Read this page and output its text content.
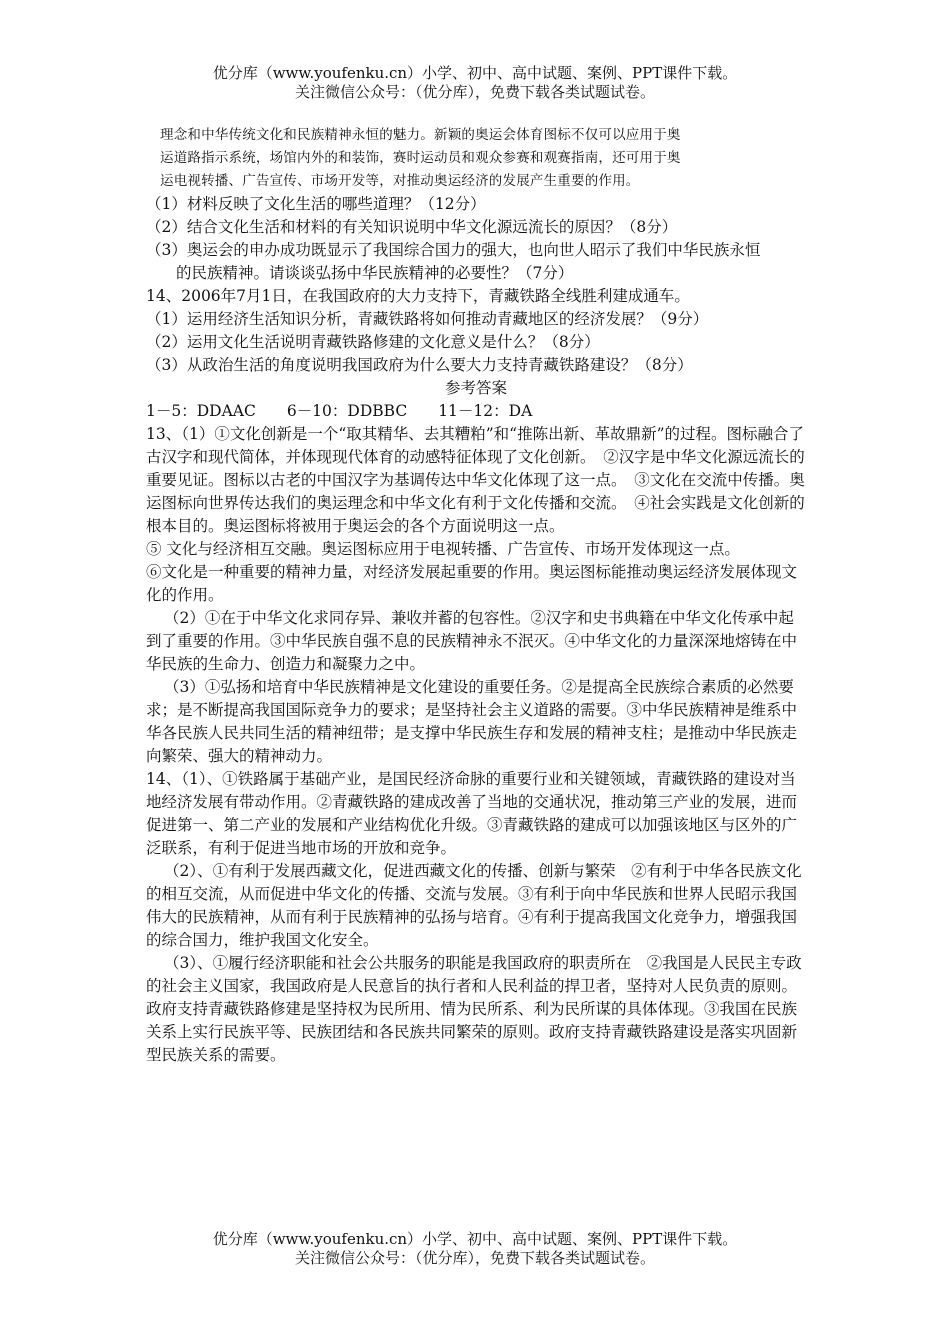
优分库（www.youfenku.cn）小学、初中、高中试题、案例、PPT课件下载。
关注微信公众号：（优分库），免费下载各类试题试卷。
理念和中华传统文化和民族精神永恒的魅力。新颖的奥运会体育图标不仅可以应用于奥
运道路指示系统，场馆内外的和装饰，赛时运动员和观众参赛和观赛指南，还可用于奥
运电视转播、广告宣传、市场开发等，对推动奥运经济的发展产生重要的作用。

（1）材料反映了文化生活的哪些道理？（12分）

（2）结合文化生活和材料的有关知识说明中华文化源远流长的原因？（8分）

（3）奥运会的申办成功既显示了我国综合国力的强大，也向世人昭示了我们中华民族永恒

的民族精神。请谈谈弘扬中华民族精神的必要性？（7分）

14、2006年7月1日，在我国政府的大力支持下，青藏铁路全线胜利建成通车。

（1）运用经济生活知识分析，青藏铁路将如何推动青藏地区的经济发展？（9分）

（2）运用文化生活说明青藏铁路修建的文化意义是什么？（8分）

（3）从政治生活的角度说明我国政府为什么要大力支持青藏铁路建设？（8分）

参考答案

1－5：DDAAC　　6－10：DDBBC　　11－12：DA

13、（1）①文化创新是一个“取其精华、去其糟粕”和“推陈出新、革故鼎新”的过程。图标融合了古汉字和现代简体，并体现现代体育的动感特征体现了文化创新。　②汉字是中华文化源远流长的重要见证。图标以古老的中国汉字为基调传达中华文化体现了这一点。　③文化在交流中传播。奥运图标向世界传达我们的奥运理念和中华文化有利于文化传播和交流。　④社会实践是文化创新的根本目的。奥运图标将被用于奥运会的各个方面说明这一点。

⑤ 文化与经济相互交融。奥运图标应用于电视转播、广告宣传、市场开发体现这一点。

⑥文化是一种重要的精神力量，对经济发展起重要的作用。奥运图标能推动奥运经济发展体现文化的作用。

（2）①在于中华文化求同存异、兼收并蓄的包容性。②汉字和史书典籍在中华文化传承中起到了重要的作用。③中华民族自强不息的民族精神永不泯灭。④中华文化的力量深深地熔铸在中华民族的生命力、创造力和凝聚力之中。

（3）①弘扬和培育中华民族精神是文化建设的重要任务。②是提高全民族综合素质的必然要求；是不断提高我国国际竞争力的要求；是坚持社会主义道路的需要。③中华民族精神是维系中华各民族人民共同生活的精神纽带；是支撑中华民族生存和发展的精神支柱；是推动中华民族走向繁荣、强大的精神动力。

14、（1）、①铁路属于基础产业，是国民经济命脉的重要行业和关键领域，青藏铁路的建设对当地经济发展有带动作用。②青藏铁路的建成改善了当地的交通状况，推动第三产业的发展，进而促进第一、第二产业的发展和产业结构优化升级。③青藏铁路的建成可以加强该地区与区外的广泛联系，有利于促进当地市场的开放和竞争。

（2）、①有利于发展西藏文化，促进西藏文化的传播、创新与繁荣　②有利于中华各民族文化的相互交流，从而促进中华文化的传播、交流与发展。③有利于向中华民族和世界人民昭示我国伟大的民族精神，从而有利于民族精神的弘扬与培育。④有利于提高我国文化竞争力，增强我国的综合国力，维护我国文化安全。

（3）、①履行经济职能和社会公共服务的职能是我国政府的职责所在　②我国是人民民主专政的社会主义国家，我国政府是人民意旨的执行者和人民利益的捍卫者，坚持对人民负责的原则。政府支持青藏铁路修建是坚持权为民所用、情为民所系、利为民所谋的具体体现。③我国在民族关系上实行民族平等、民族团结和各民族共同繁荣的原则。政府支持青藏铁路建设是落实巩固新型民族关系的需要。

优分库（www.youfenku.cn）小学、初中、高中试题、案例、PPT课件下载。
关注微信公众号：（优分库），免费下载各类试题试卷。
